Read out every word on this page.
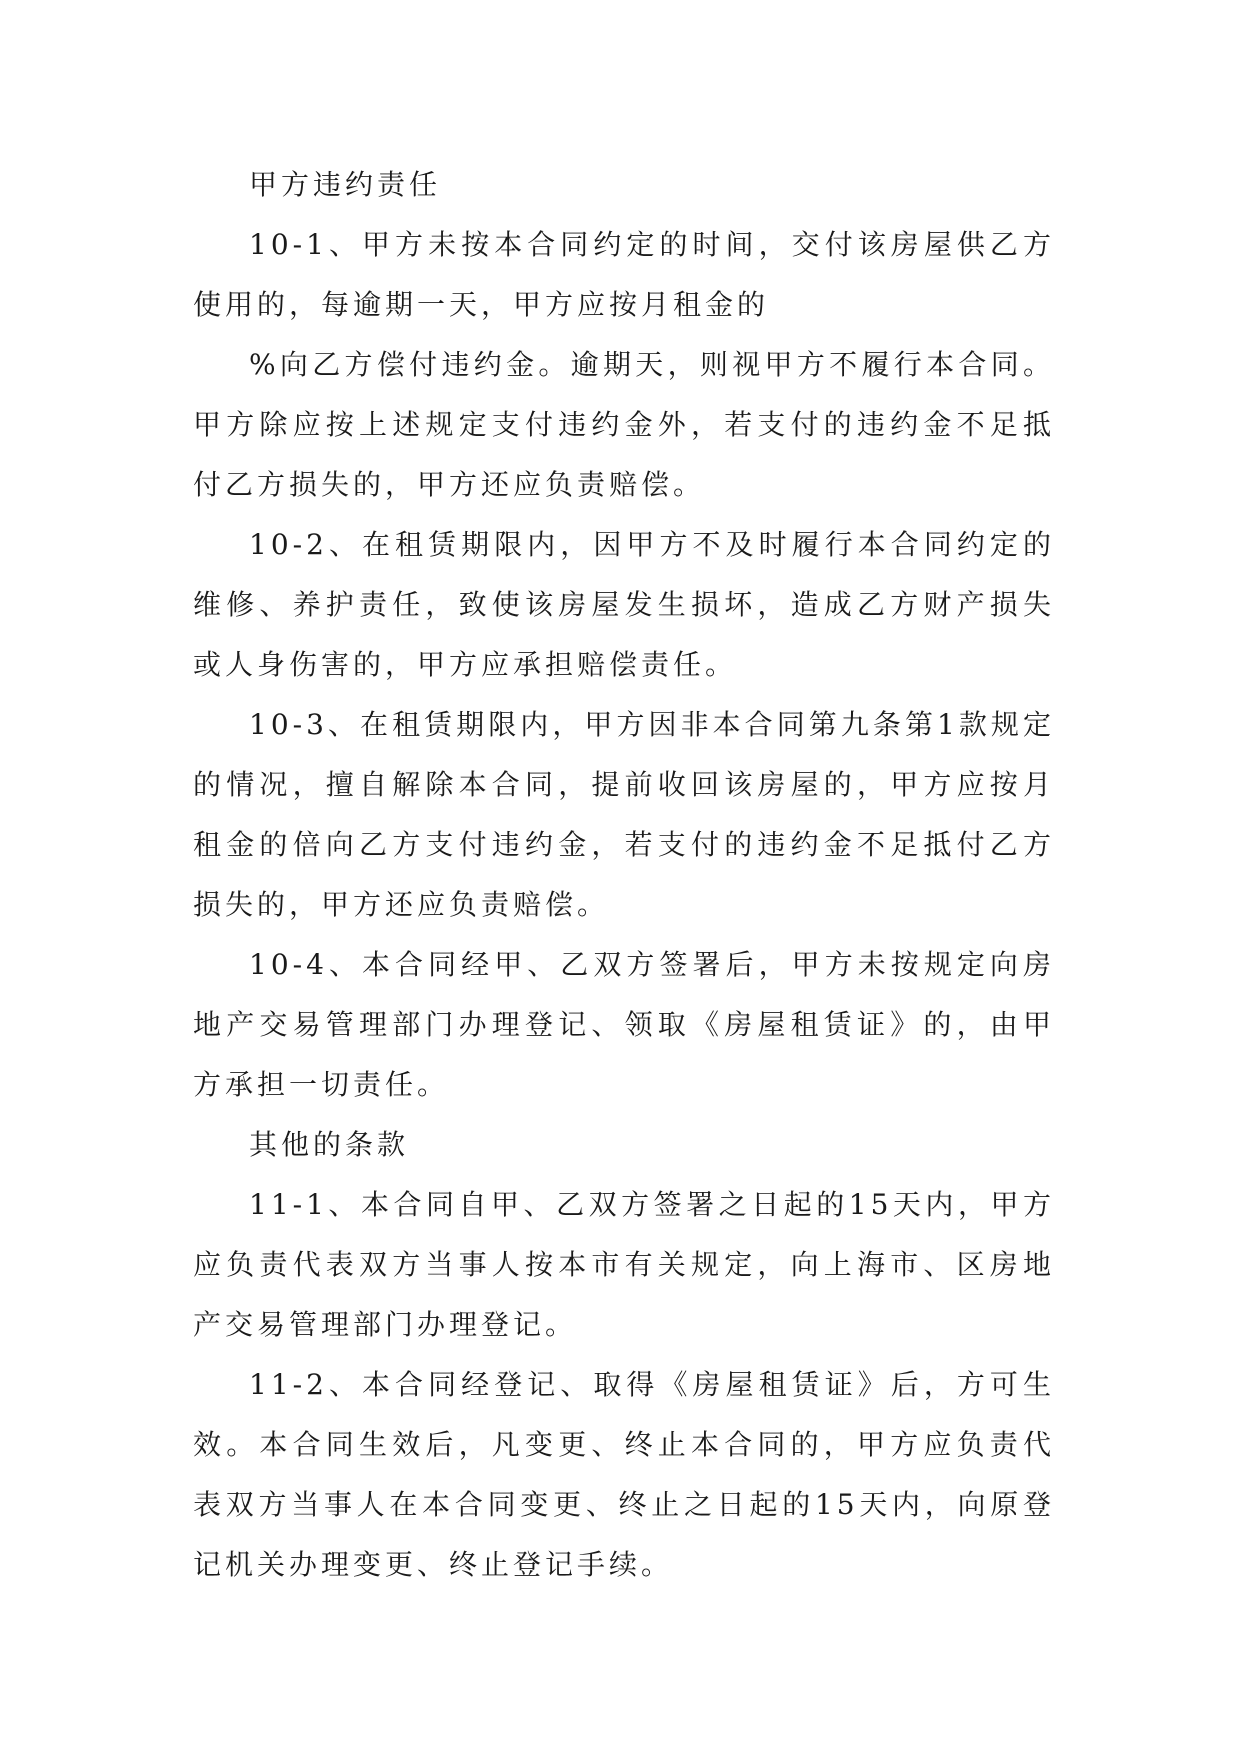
甲方违约责任

10-1、甲方未按本合同约定的时间，交付该房屋供乙方使用的，每逾期一天，甲方应按月租金的

%向乙方偿付违约金。逾期天，则视甲方不履行本合同。甲方除应按上述规定支付违约金外，若支付的违约金不足抵付乙方损失的，甲方还应负责赔偿。

10-2、在租赁期限内，因甲方不及时履行本合同约定的维修、养护责任，致使该房屋发生损坏，造成乙方财产损失或人身伤害的，甲方应承担赔偿责任。

10-3、在租赁期限内，甲方因非本合同第九条第1款规定的情况，擅自解除本合同，提前收回该房屋的，甲方应按月租金的倍向乙方支付违约金，若支付的违约金不足抵付乙方损失的，甲方还应负责赔偿。

10-4、本合同经甲、乙双方签署后，甲方未按规定向房地产交易管理部门办理登记、领取《房屋租赁证》的，由甲方承担一切责任。

其他的条款

11-1、本合同自甲、乙双方签署之日起的15天内，甲方应负责代表双方当事人按本市有关规定，向上海市、区房地产交易管理部门办理登记。

11-2、本合同经登记、取得《房屋租赁证》后，方可生效。本合同生效后，凡变更、终止本合同的，甲方应负责代表双方当事人在本合同变更、终止之日起的15天内，向原登记机关办理变更、终止登记手续。
